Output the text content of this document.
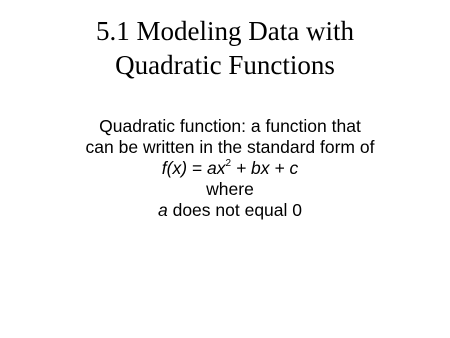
5.1 Modeling Data with
Quadratic Functions
Quadratic function: a function that
can be written in the standard form of
$f(x) = ax^2$ + bx + c
where
a does not equal 0
